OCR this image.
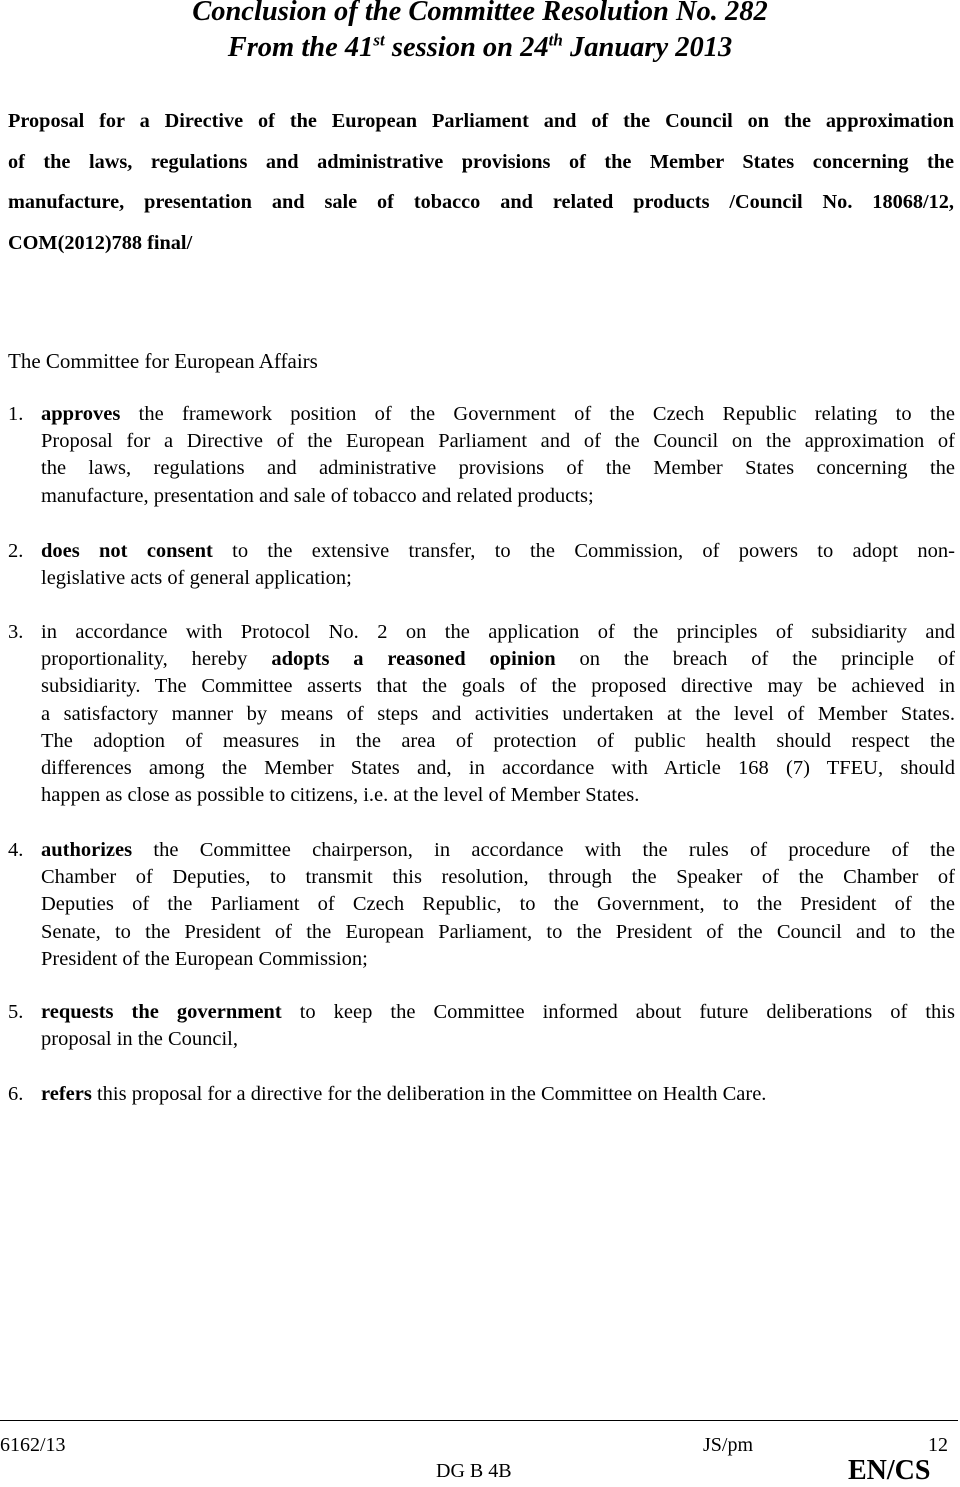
Conclusion of the Committee Resolution No. 282
From the 41st session on 24th January 2013
Proposal for a Directive of the European Parliament and of the Council on the approximation
of the laws, regulations and administrative provisions of the Member States concerning the
manufacture, presentation and sale of tobacco and related products /Council No. 18068/12,
COM(2012)788 final/
The Committee for European Affairs
1. approves the framework position of the Government of the Czech Republic relating to the
Proposal for a Directive of the European Parliament and of the Council on the approximation of
the laws, regulations and administrative provisions of the Member States concerning the
manufacture, presentation and sale of tobacco and related products;
2. does not consent to the extensive transfer, to the Commission, of powers to adopt non-
legislative acts of general application;
3. in accordance with Protocol No. 2 on the application of the principles of subsidiarity and
proportionality, hereby adopts a reasoned opinion on the breach of the principle of
subsidiarity. The Committee asserts that the goals of the proposed directive may be achieved in
a satisfactory manner by means of steps and activities undertaken at the level of Member States.
The adoption of measures in the area of protection of public health should respect the
differences among the Member States and, in accordance with Article 168 (7) TFEU, should
happen as close as possible to citizens, i.e. at the level of Member States.
4. authorizes the Committee chairperson, in accordance with the rules of procedure of the
Chamber of Deputies, to transmit this resolution, through the Speaker of the Chamber of
Deputies of the Parliament of Czech Republic, to the Government, to the President of the
Senate, to the President of the European Parliament, to the President of the Council and to the
President of the European Commission;
5. requests the government to keep the Committee informed about future deliberations of this
proposal in the Council,
6. refers this proposal for a directive for the deliberation in the Committee on Health Care.
6162/13	JS/pm	12
DG B 4B	EN/CS
